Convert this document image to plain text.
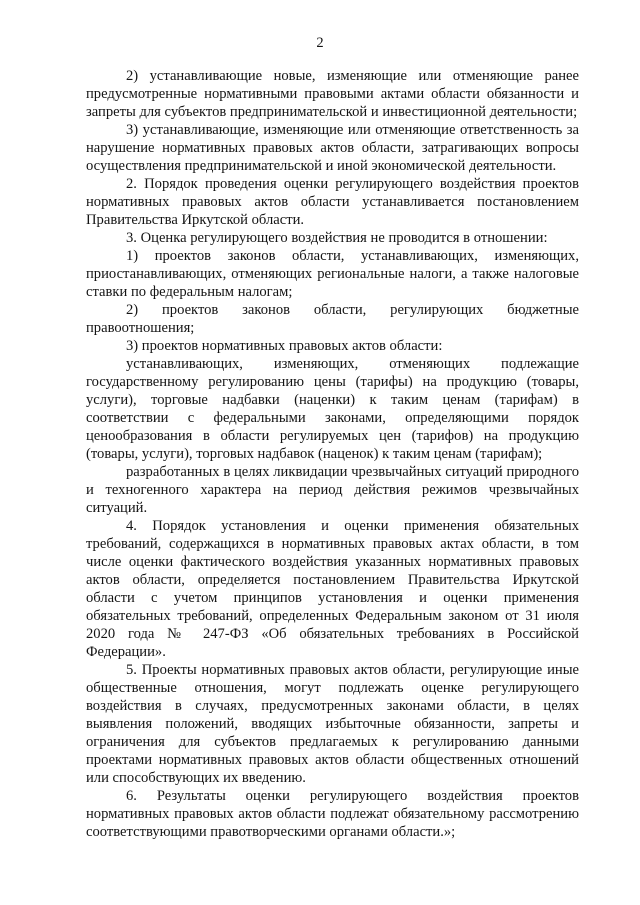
2

2) устанавливающие новые, изменяющие или отменяющие ранее предусмотренные нормативными правовыми актами области обязанности и запреты для субъектов предпринимательской и инвестиционной деятельности;

3) устанавливающие, изменяющие или отменяющие ответственность за нарушение нормативных правовых актов области, затрагивающих вопросы осуществления предпринимательской и иной экономической деятельности.

2. Порядок проведения оценки регулирующего воздействия проектов нормативных правовых актов области устанавливается постановлением Правительства Иркутской области.

3. Оценка регулирующего воздействия не проводится в отношении:

1) проектов законов области, устанавливающих, изменяющих, приостанавливающих, отменяющих региональные налоги, а также налоговые ставки по федеральным налогам;

2) проектов законов области, регулирующих бюджетные правоотношения;

3) проектов нормативных правовых актов области:

устанавливающих, изменяющих, отменяющих подлежащие государственному регулированию цены (тарифы) на продукцию (товары, услуги), торговые надбавки (наценки) к таким ценам (тарифам) в соответствии с федеральными законами, определяющими порядок ценообразования в области регулируемых цен (тарифов) на продукцию (товары, услуги), торговых надбавок (наценок) к таким ценам (тарифам);

разработанных в целях ликвидации чрезвычайных ситуаций природного и техногенного характера на период действия режимов чрезвычайных ситуаций.

4. Порядок установления и оценки применения обязательных требований, содержащихся в нормативных правовых актах области, в том числе оценки фактического воздействия указанных нормативных правовых актов области, определяется постановлением Правительства Иркутской области с учетом принципов установления и оценки применения обязательных требований, определенных Федеральным законом от 31 июля 2020 года № 247-ФЗ «Об обязательных требованиях в Российской Федерации».

5. Проекты нормативных правовых актов области, регулирующие иные общественные отношения, могут подлежать оценке регулирующего воздействия в случаях, предусмотренных законами области, в целях выявления положений, вводящих избыточные обязанности, запреты и ограничения для субъектов предлагаемых к регулированию данными проектами нормативных правовых актов области общественных отношений или способствующих их введению.

6. Результаты оценки регулирующего воздействия проектов нормативных правовых актов области подлежат обязательному рассмотрению соответствующими правотворческими органами области.»;
